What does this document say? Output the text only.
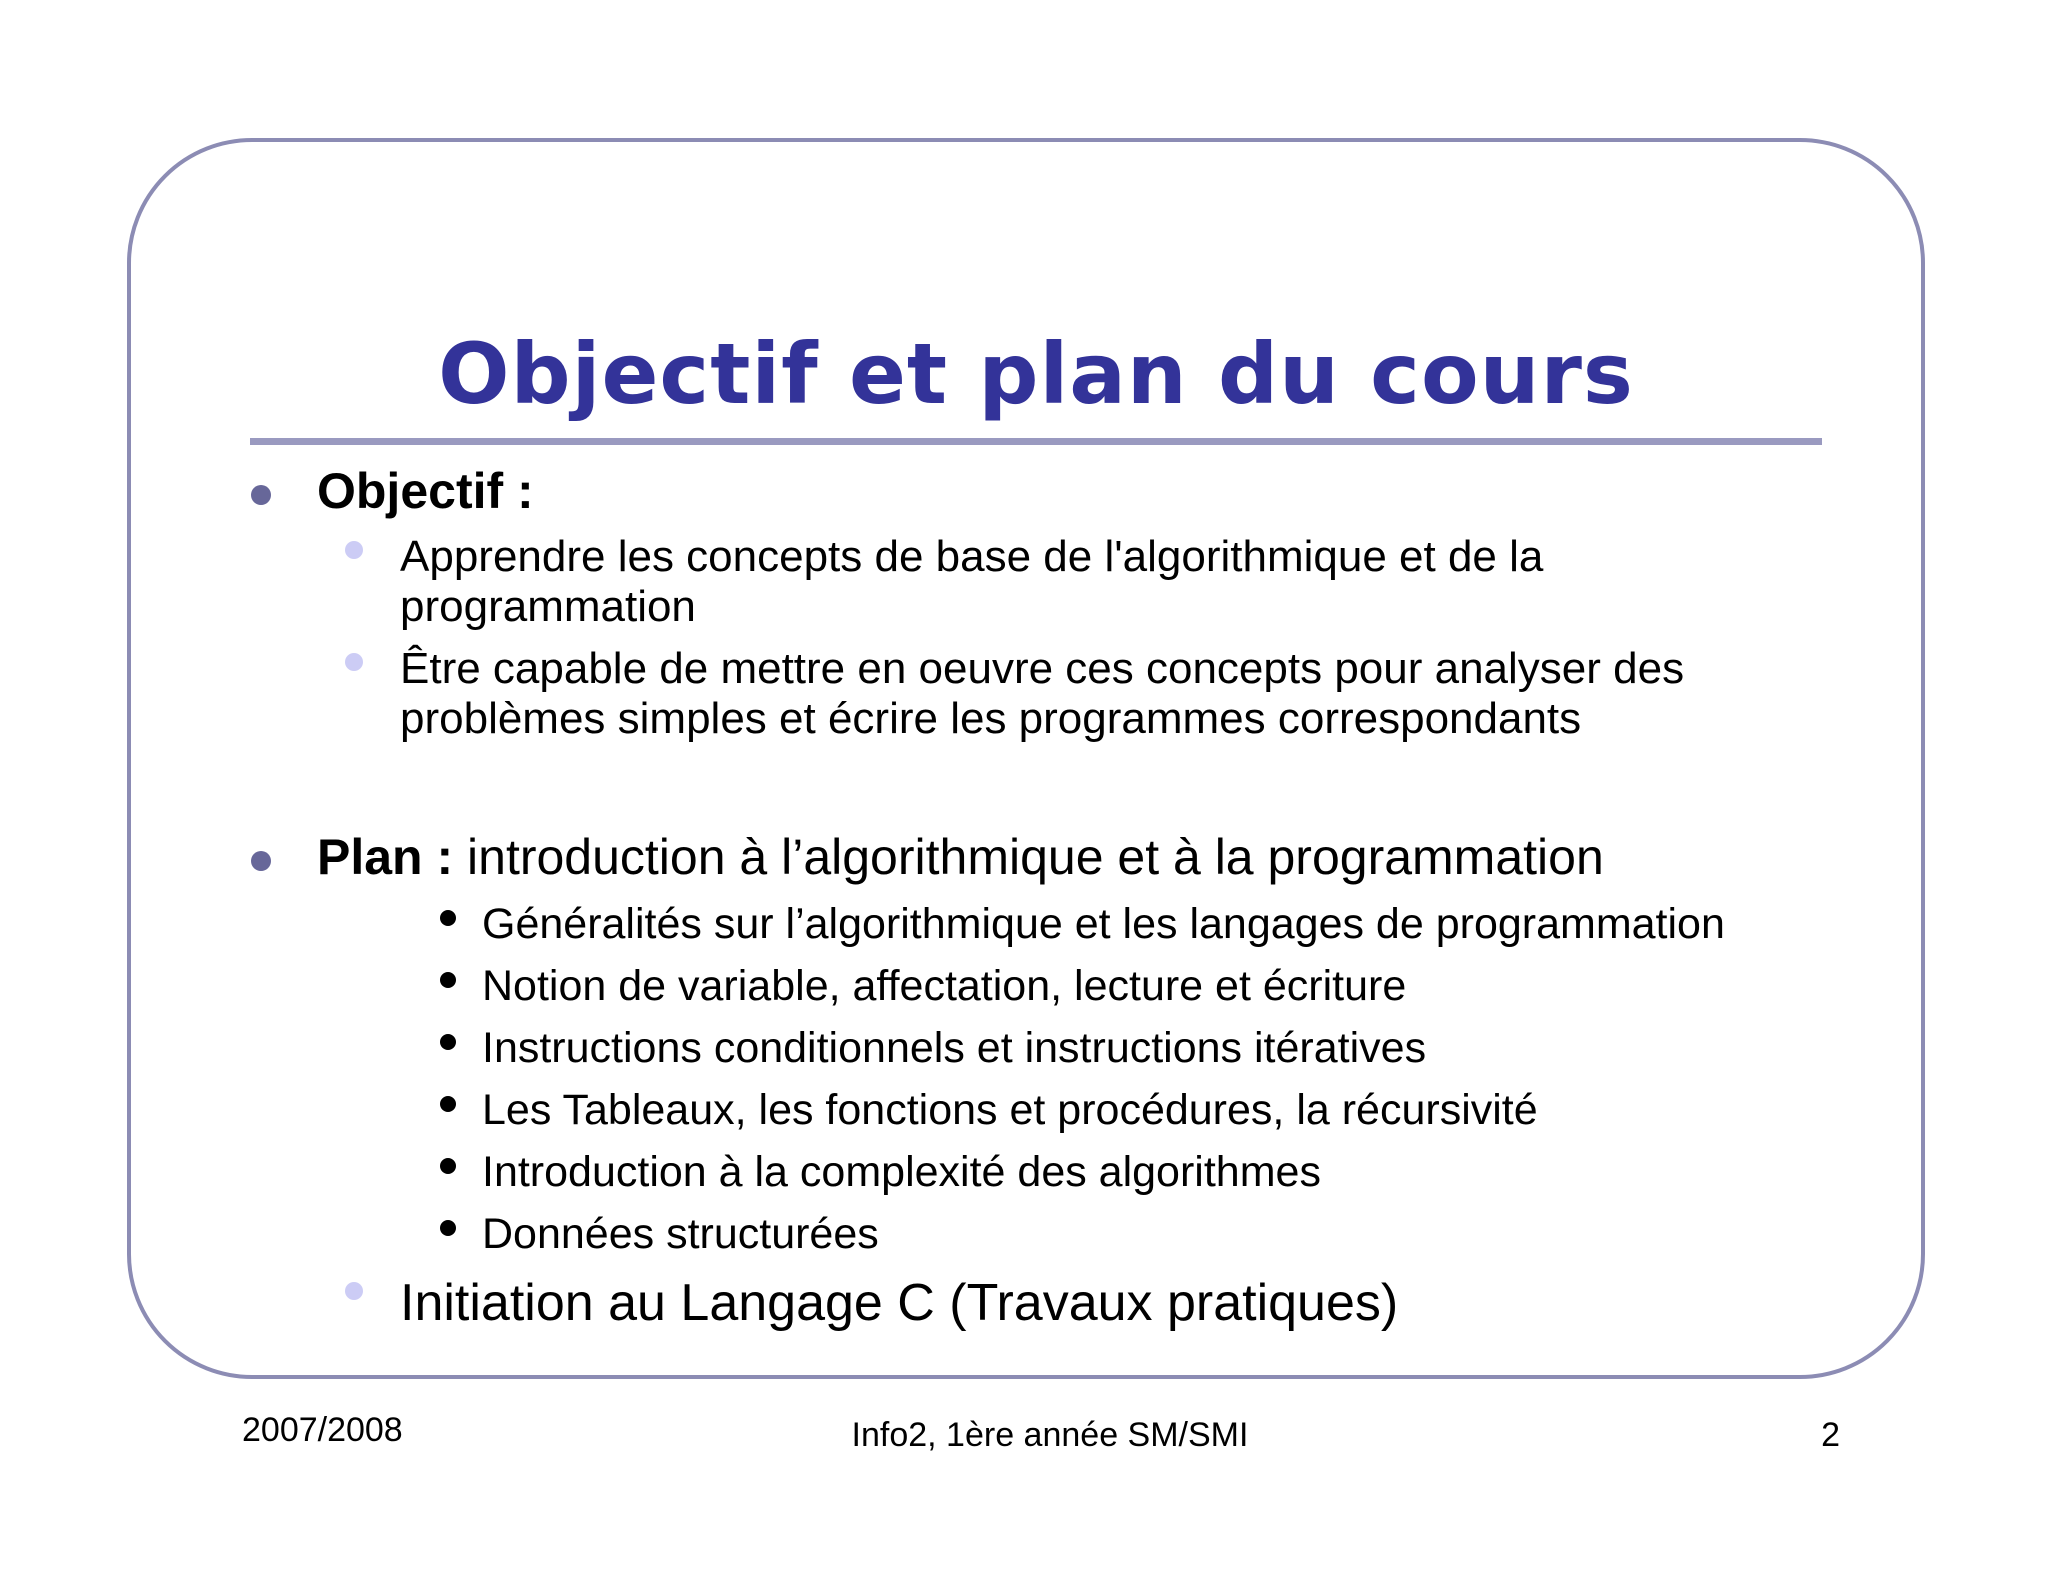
Objectif et plan du cours
Objectif :
Apprendre les concepts de base de l'algorithmique et de la
programmation
Être capable de mettre en oeuvre ces concepts pour analyser des
problèmes simples et écrire les programmes correspondants
Plan : introduction à l’algorithmique et à la programmation
Généralités sur l’algorithmique et les langages de programmation
Notion de variable, affectation, lecture et écriture
Instructions conditionnels et instructions itératives
Les Tableaux, les fonctions et procédures, la récursivité
Introduction à la complexité des algorithmes
Données structurées
Initiation au Langage C (Travaux pratiques)
2007/2008	Info2, 1ère année SM/SMI	2
